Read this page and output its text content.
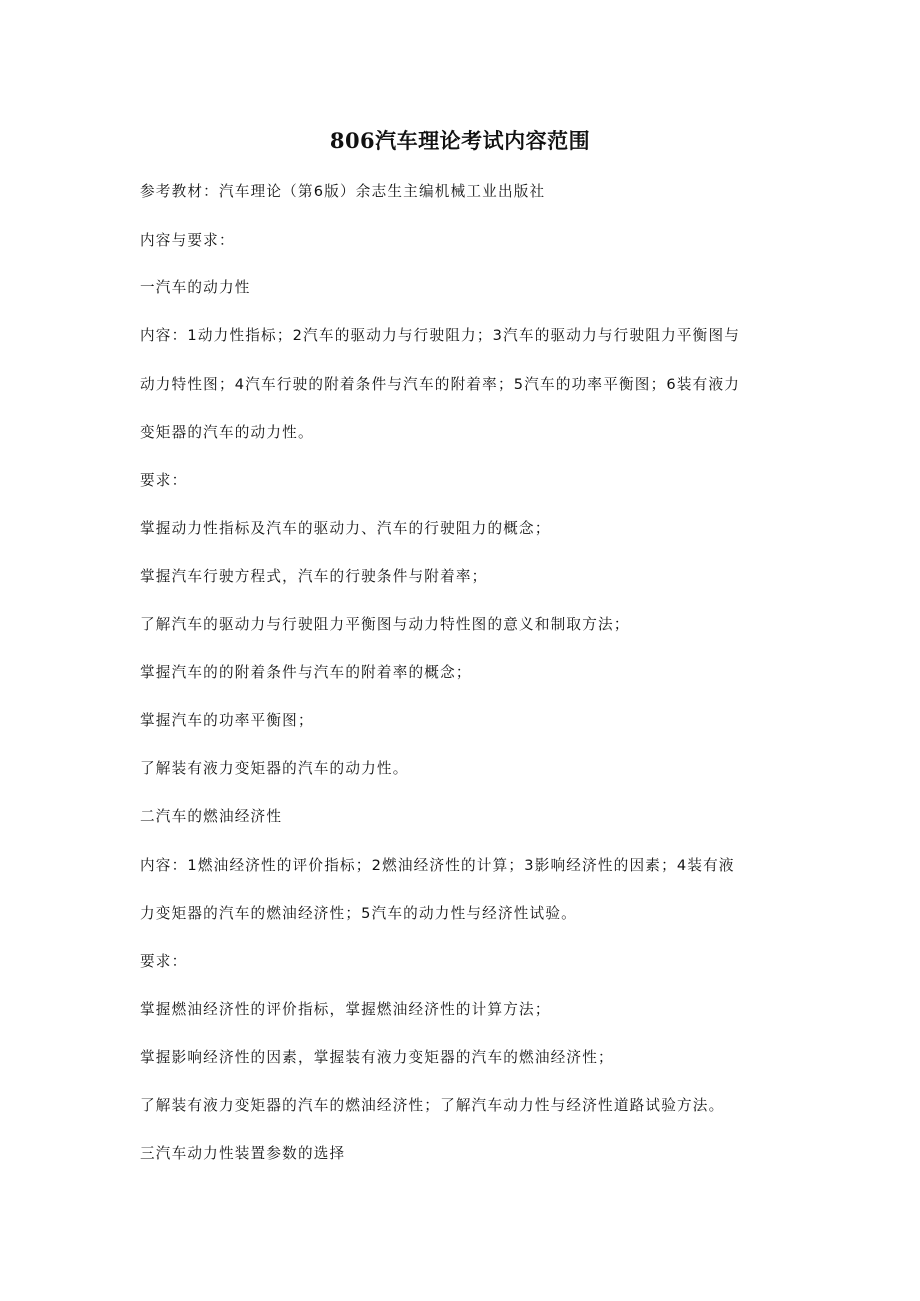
806汽车理论考试内容范围
参考教材：汽车理论（第6版）余志生主编机械工业出版社
内容与要求：
一汽车的动力性
内容：1动力性指标；2汽车的驱动力与行驶阻力；3汽车的驱动力与行驶阻力平衡图与
动力特性图；4汽车行驶的附着条件与汽车的附着率；5汽车的功率平衡图；6装有液力
变矩器的汽车的动力性。
要求：
掌握动力性指标及汽车的驱动力、汽车的行驶阻力的概念；
掌握汽车行驶方程式，汽车的行驶条件与附着率；
了解汽车的驱动力与行驶阻力平衡图与动力特性图的意义和制取方法；
掌握汽车的的附着条件与汽车的附着率的概念；
掌握汽车的功率平衡图；
了解装有液力变矩器的汽车的动力性。
二汽车的燃油经济性
内容：1燃油经济性的评价指标；2燃油经济性的计算；3影响经济性的因素；4装有液
力变矩器的汽车的燃油经济性；5汽车的动力性与经济性试验。
要求：
掌握燃油经济性的评价指标，掌握燃油经济性的计算方法；
掌握影响经济性的因素，掌握装有液力变矩器的汽车的燃油经济性；
了解装有液力变矩器的汽车的燃油经济性；了解汽车动力性与经济性道路试验方法。
三汽车动力性装置参数的选择
